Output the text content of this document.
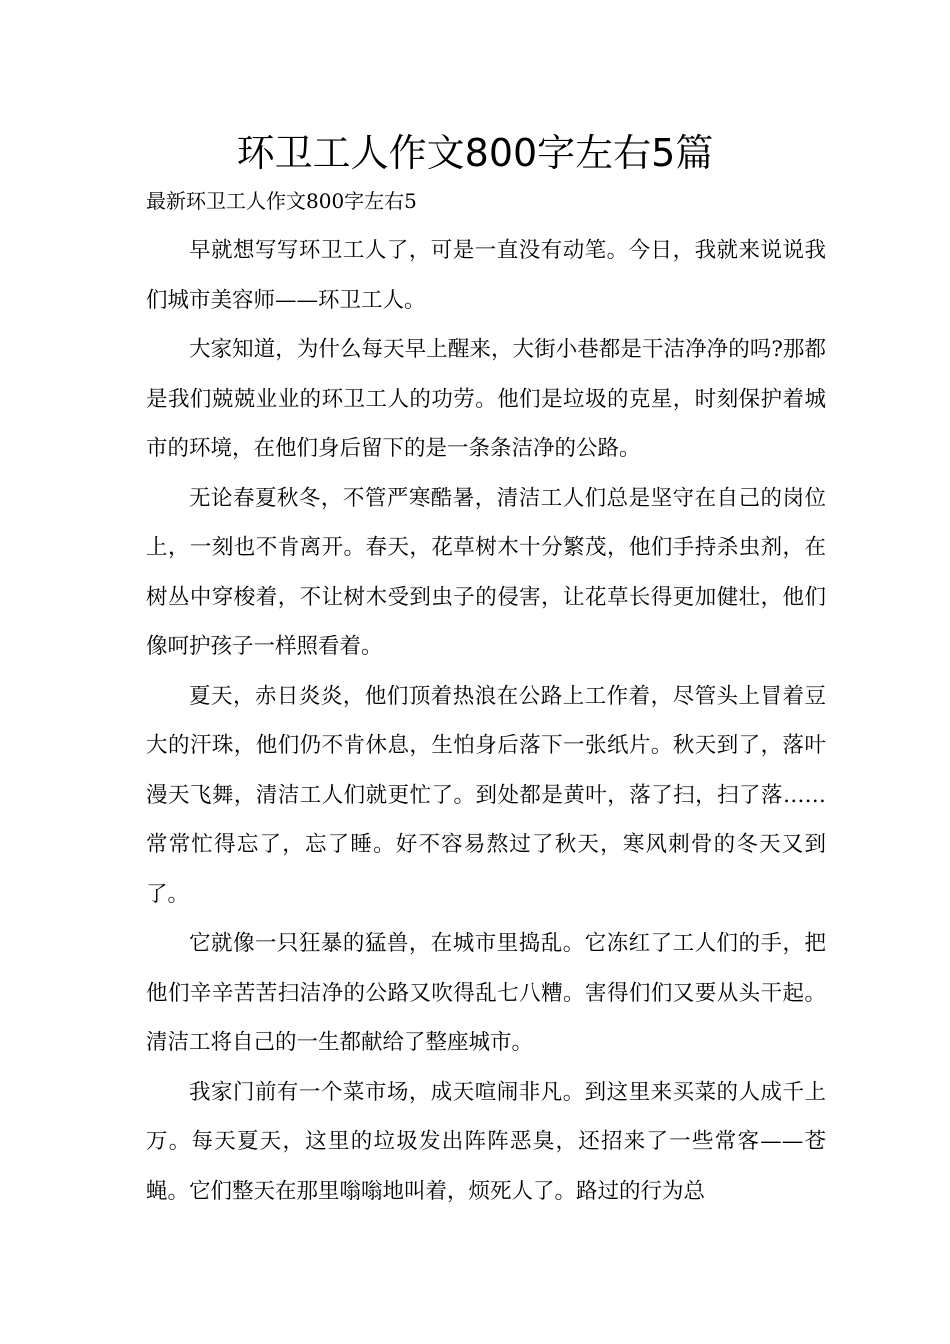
环卫工人作文800字左右5篇
最新环卫工人作文800字左右5

早就想写写环卫工人了，可是一直没有动笔。今日，我就来说说我们城市美容师——环卫工人。

大家知道，为什么每天早上醒来，大街小巷都是干洁净净的吗?那都是我们兢兢业业的环卫工人的功劳。他们是垃圾的克星，时刻保护着城市的环境，在他们身后留下的是一条条洁净的公路。

无论春夏秋冬，不管严寒酷暑，清洁工人们总是坚守在自己的岗位上，一刻也不肯离开。春天，花草树木十分繁茂，他们手持杀虫剂，在树丛中穿梭着，不让树木受到虫子的侵害，让花草长得更加健壮，他们像呵护孩子一样照看着。

夏天，赤日炎炎，他们顶着热浪在公路上工作着，尽管头上冒着豆大的汗珠，他们仍不肯休息，生怕身后落下一张纸片。秋天到了，落叶漫天飞舞，清洁工人们就更忙了。到处都是黄叶，落了扫，扫了落……常常忙得忘了，忘了睡。好不容易熬过了秋天，寒风刺骨的冬天又到了。

它就像一只狂暴的猛兽，在城市里捣乱。它冻红了工人们的手，把他们辛辛苦苦扫洁净的公路又吹得乱七八糟。害得们们又要从头干起。清洁工将自己的一生都献给了整座城市。

我家门前有一个菜市场，成天喧闹非凡。到这里来买菜的人成千上万。每天夏天，这里的垃圾发出阵阵恶臭，还招来了一些常客——苍蝇。它们整天在那里嗡嗡地叫着，烦死人了。路过的行为总
